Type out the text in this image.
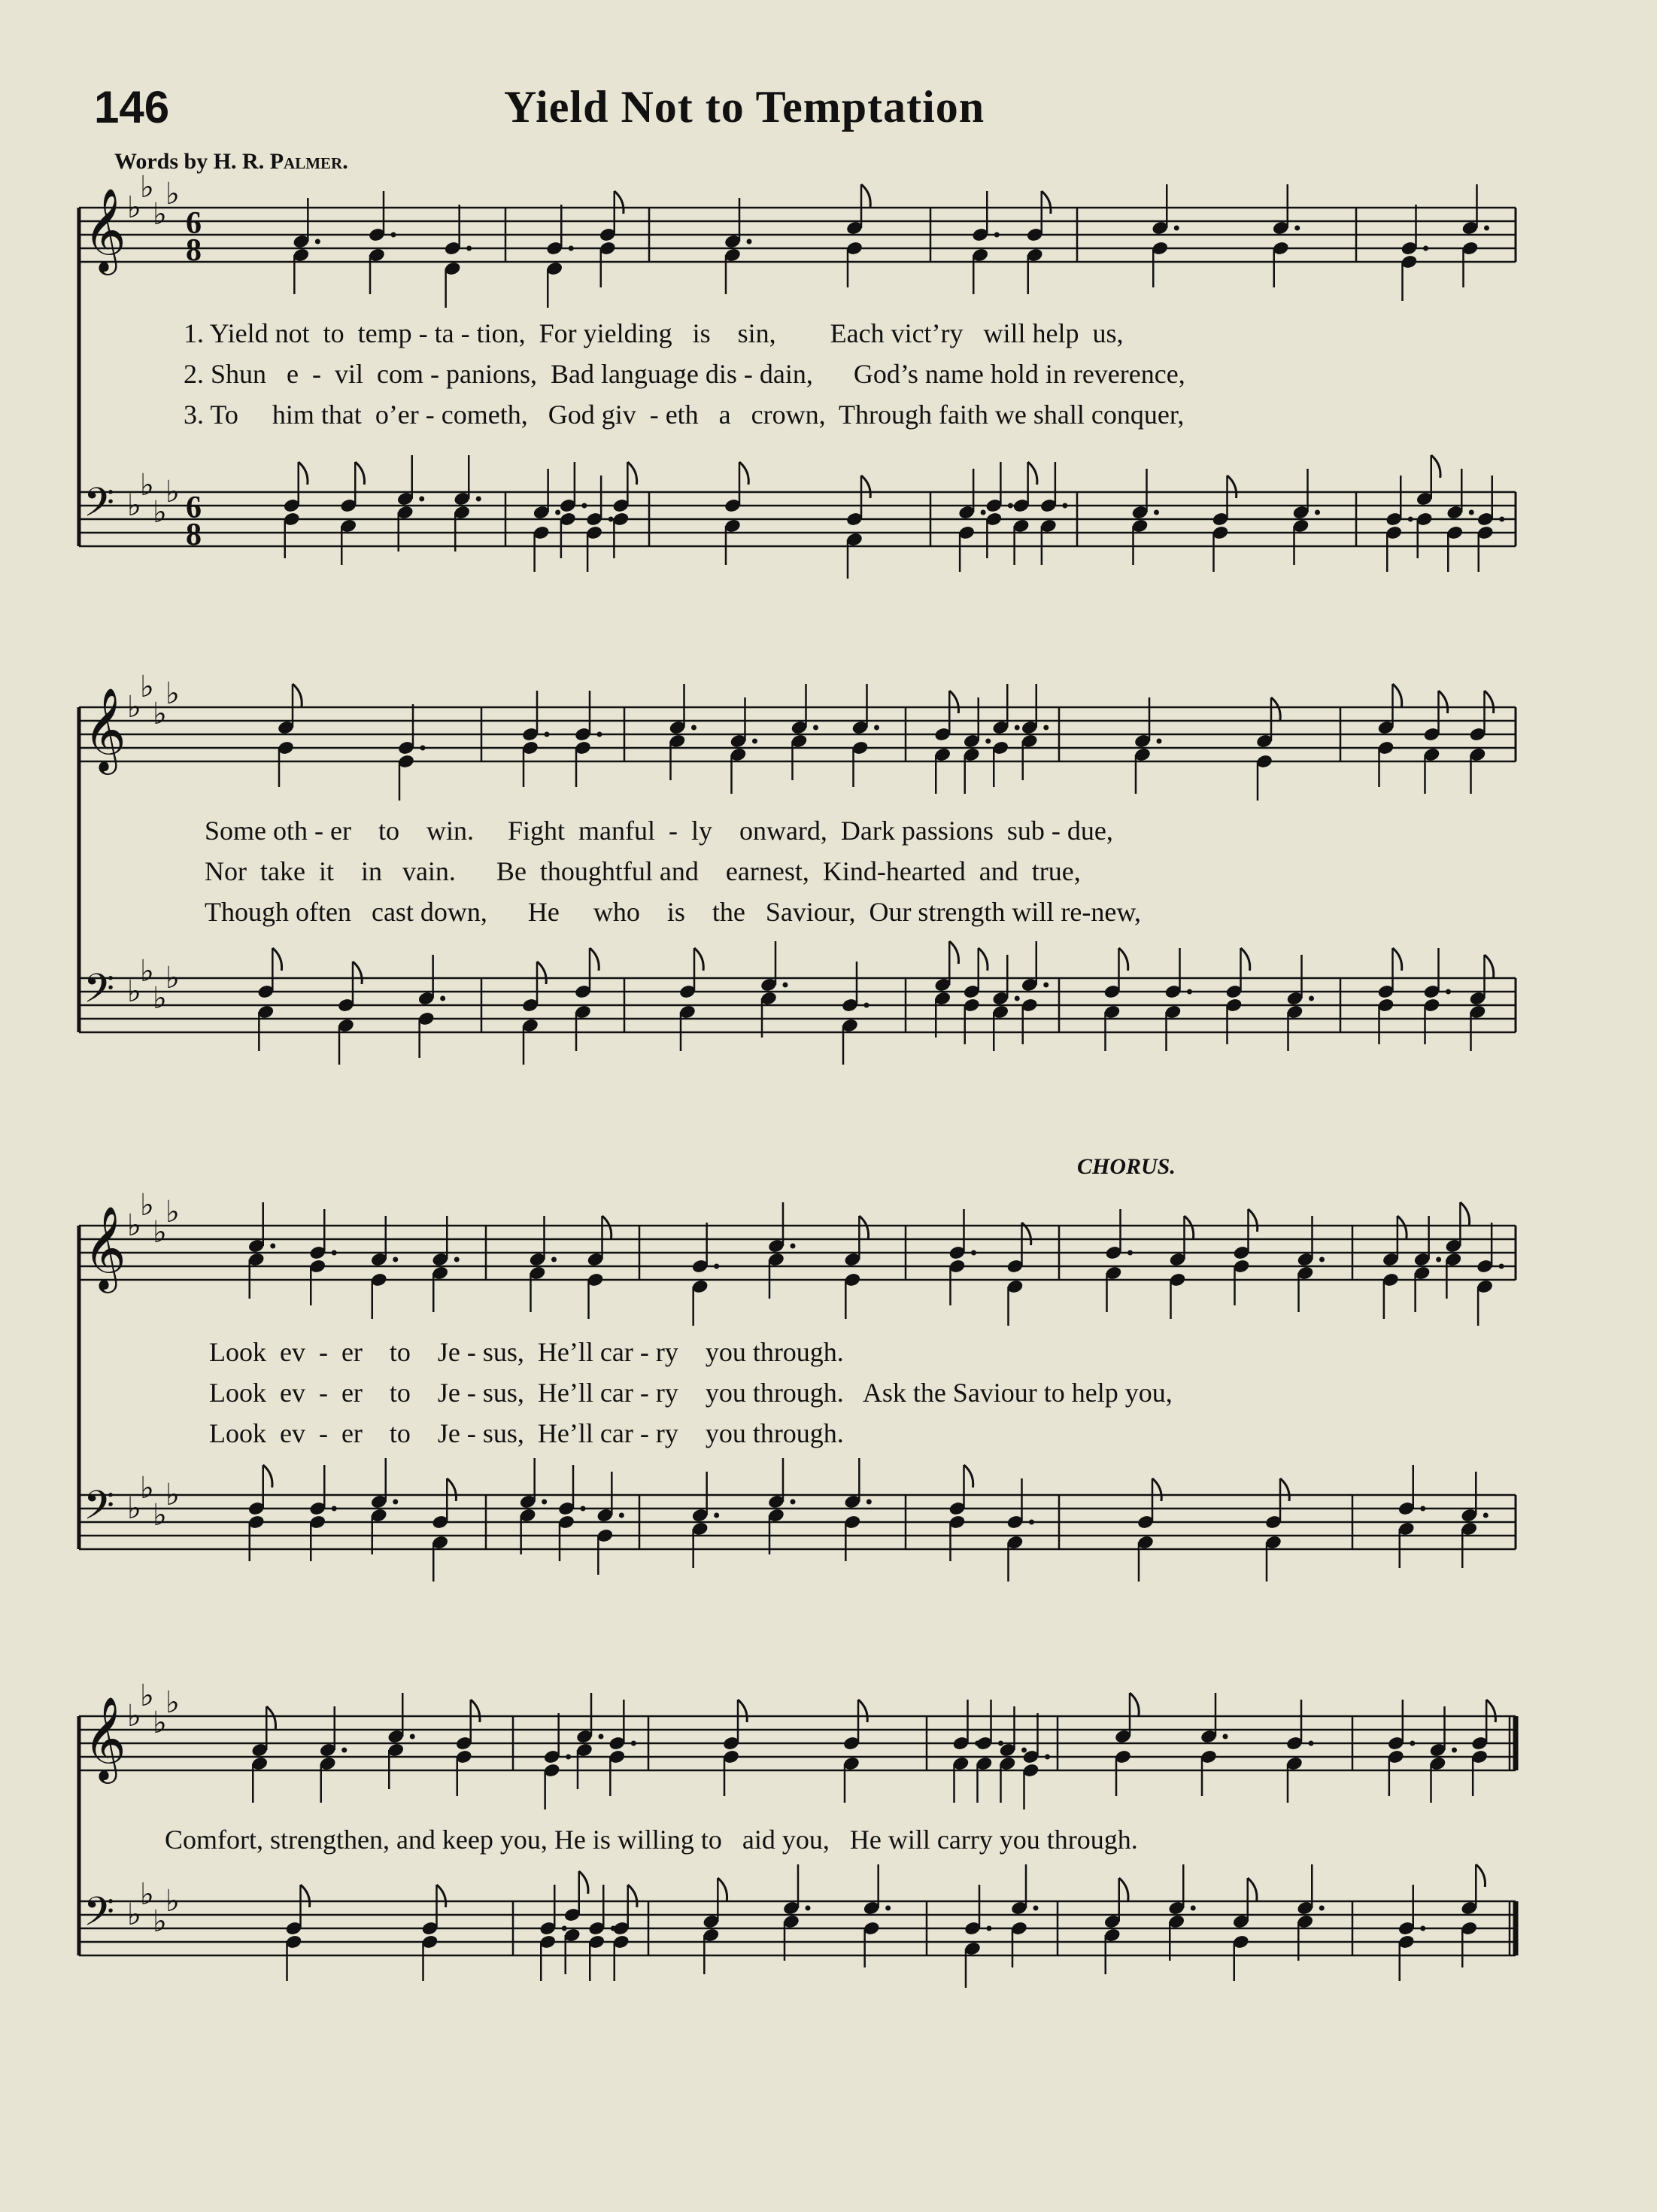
146	Yield Not to Temptation
Words by H. R. Palmer.
CHORUS.
𝄞 ♭
♭
♭
♭
6
8
𝄢 ♭
♭
♭
♭ 6
8
𝄞 ♭
♭
♭
♭
𝄢 ♭
♭
♭
♭
𝄞 ♭
♭
♭
♭
𝄢 ♭
♭
♭
♭
𝄞 ♭
♭
♭
♭
𝄢 ♭
♭
♭
♭

1. Yield not  to  temp - ta - tion,  For yielding   is    sin,        Each vict’ry   will help  us,

2. Shun   e  -  vil  com - panions,  Bad language dis - dain,      God’s name hold in reverence,

3. To     him that  o’er - cometh,   God giv  - eth   a   crown,  Through faith we shall conquer,

Some oth - er    to    win.     Fight  manful  -  ly    onward,  Dark passions  sub - due,

Nor  take  it    in   vain.      Be  thoughtful and    earnest,  Kind-hearted  and  true,

Though often   cast down,      He     who    is    the   Saviour,  Our strength will re-new,

Look  ev  -  er    to    Je - sus,  He’ll car - ry    you through.

Look  ev  -  er    to    Je - sus,  He’ll car - ry    you through.   Ask the Saviour to help you,

Look  ev  -  er    to    Je - sus,  He’ll car - ry    you through.

Comfort, strengthen, and keep you, He is willing to   aid you,   He will carry you through.
